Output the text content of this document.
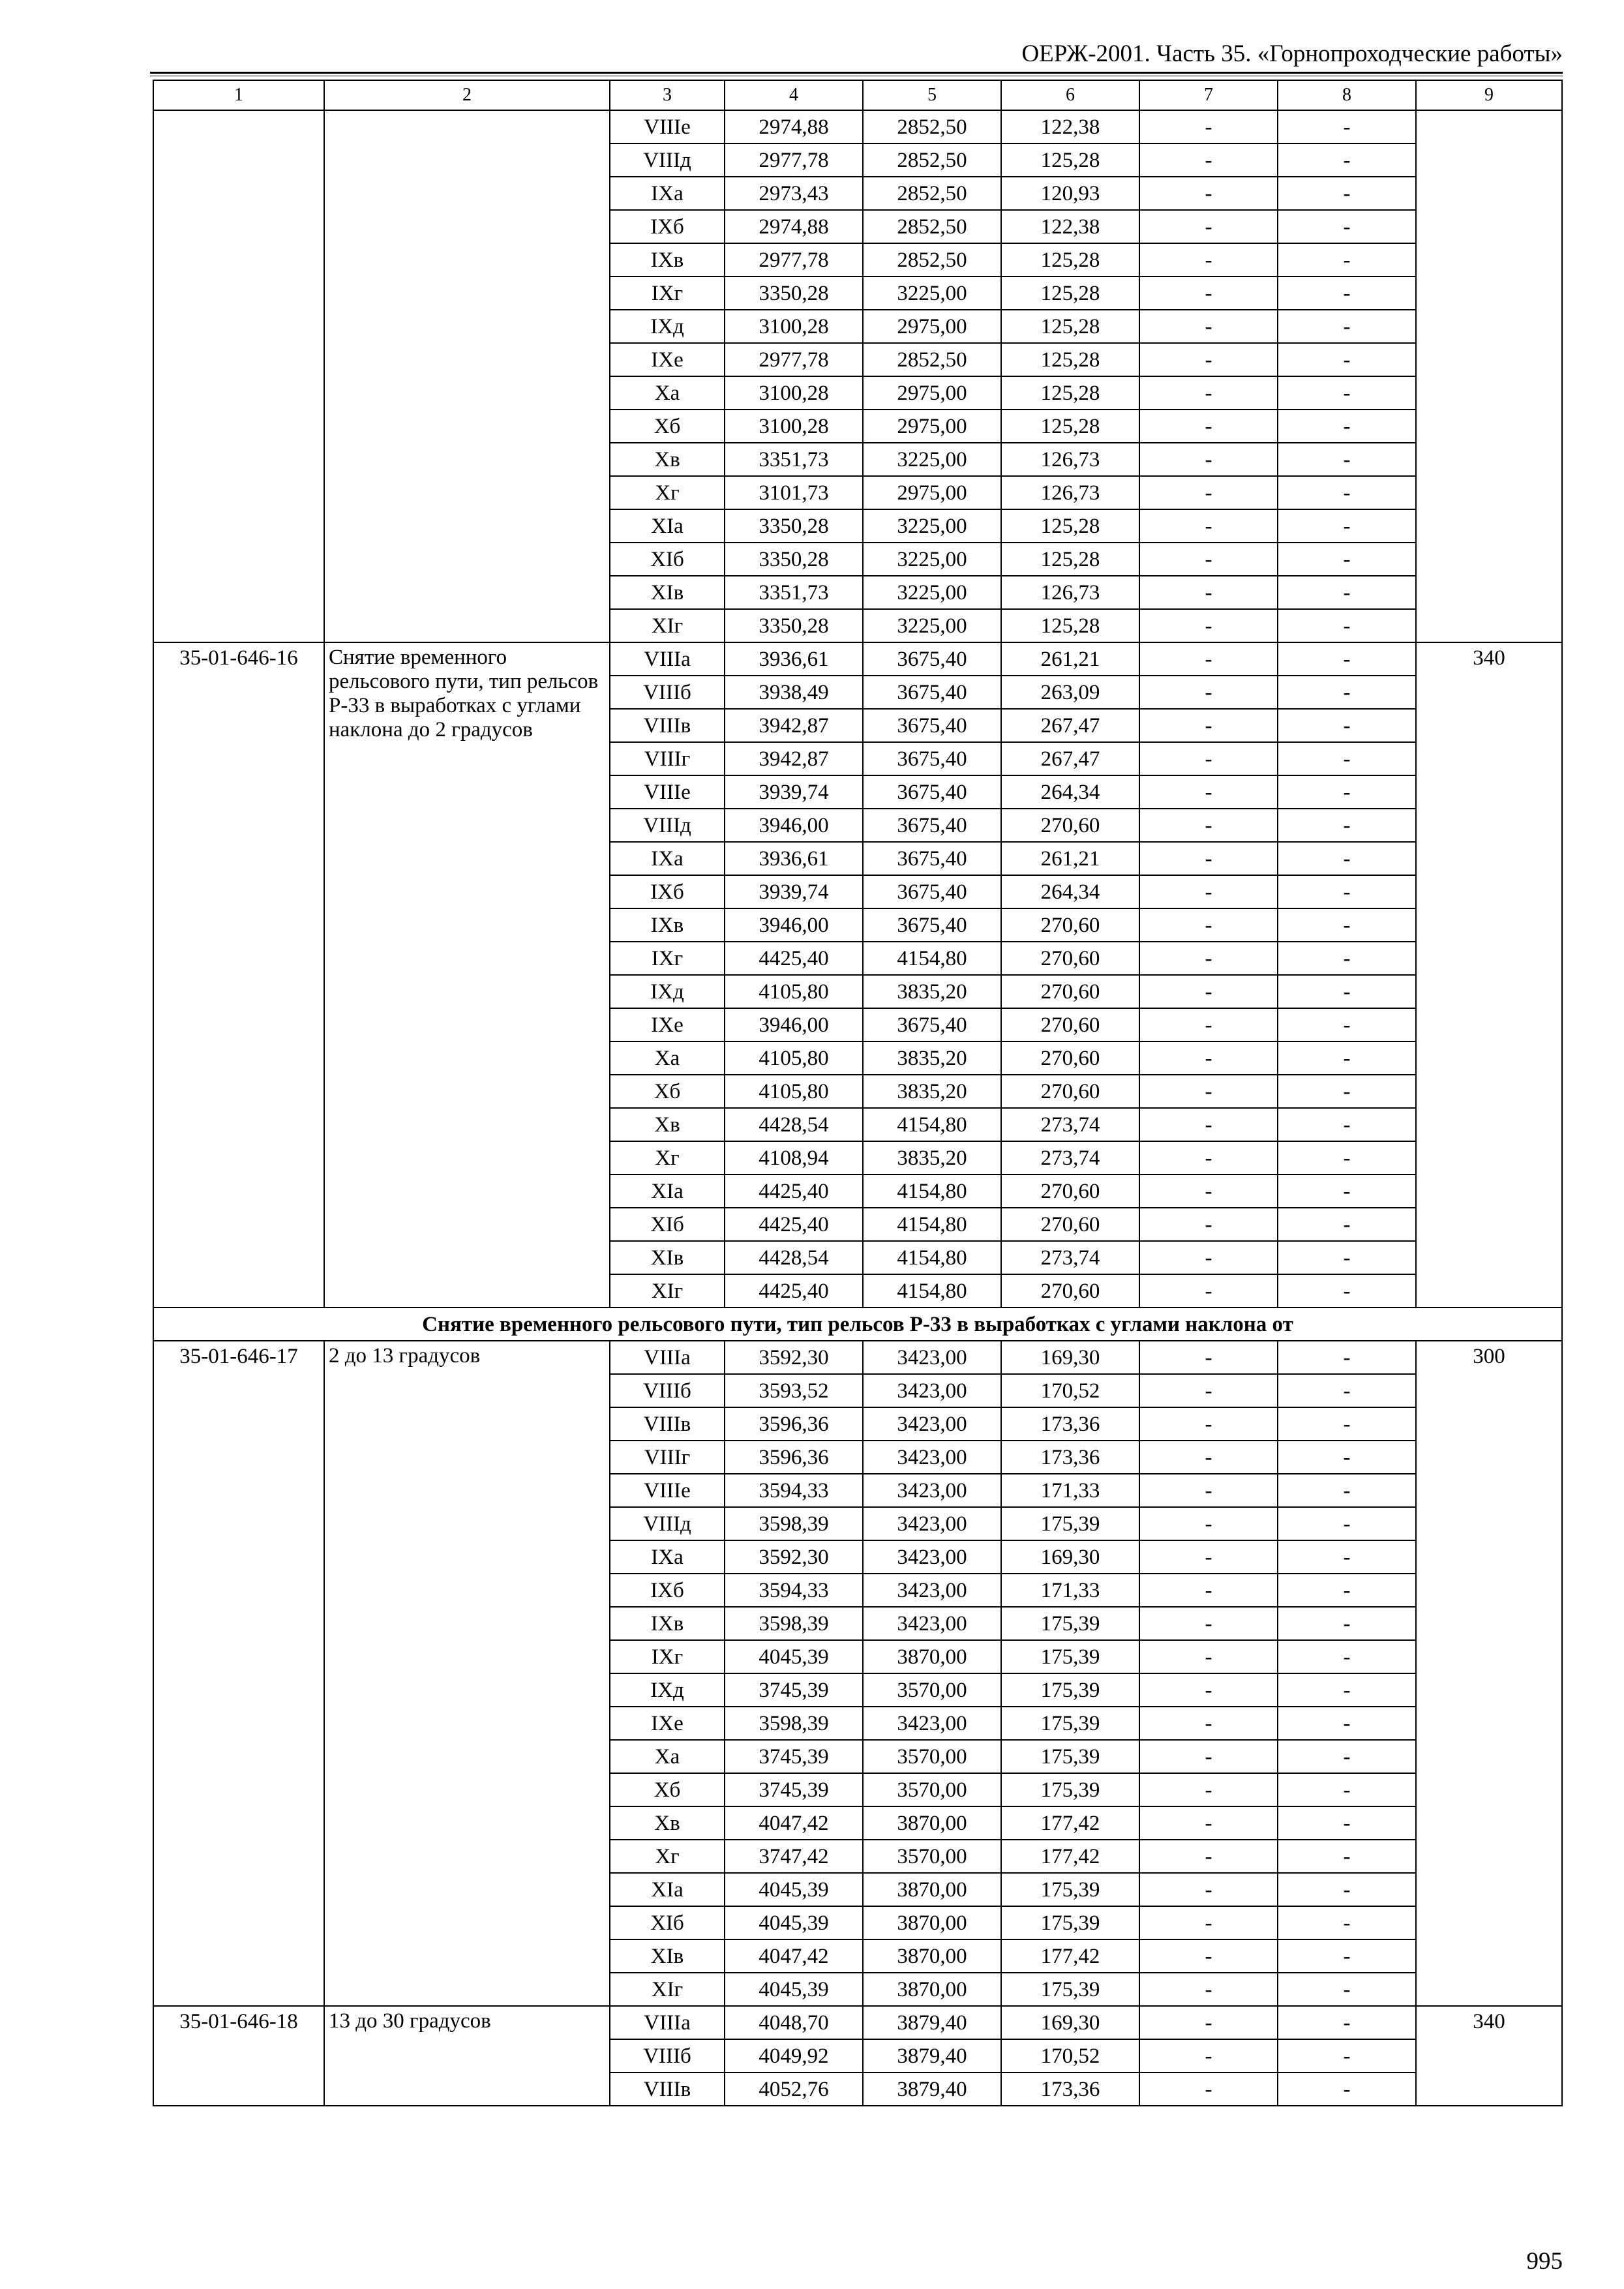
ОЕРЖ-2001. Часть 35. «Горнопроходческие работы»
1	2	3	4	5	6	7	8	9
		VIIIе	2974,88	2852,50	122,38	-	-	
		VIIIд	2977,78	2852,50	125,28	-	-	
		IXа	2973,43	2852,50	120,93	-	-	
		IXб	2974,88	2852,50	122,38	-	-	
		IXв	2977,78	2852,50	125,28	-	-	
		IXг	3350,28	3225,00	125,28	-	-	
		IXд	3100,28	2975,00	125,28	-	-	
		IXе	2977,78	2852,50	125,28	-	-	
		Xа	3100,28	2975,00	125,28	-	-	
		Xб	3100,28	2975,00	125,28	-	-	
		Xв	3351,73	3225,00	126,73	-	-	
		Xг	3101,73	2975,00	126,73	-	-	
		XIа	3350,28	3225,00	125,28	-	-	
		XIб	3350,28	3225,00	125,28	-	-	
		XIв	3351,73	3225,00	126,73	-	-	
		XIг	3350,28	3225,00	125,28	-	-	
35-01-646-16	Снятие временного рельсового пути, тип рельсов Р-33 в выработках с углами наклона до 2 градусов	VIIIа	3936,61	3675,40	261,21	-	-	340
		VIIIб	3938,49	3675,40	263,09	-	-	
		VIIIв	3942,87	3675,40	267,47	-	-	
		VIIIг	3942,87	3675,40	267,47	-	-	
		VIIIе	3939,74	3675,40	264,34	-	-	
		VIIIд	3946,00	3675,40	270,60	-	-	
		IXа	3936,61	3675,40	261,21	-	-	
		IXб	3939,74	3675,40	264,34	-	-	
		IXв	3946,00	3675,40	270,60	-	-	
		IXг	4425,40	4154,80	270,60	-	-	
		IXд	4105,80	3835,20	270,60	-	-	
		IXе	3946,00	3675,40	270,60	-	-	
		Xа	4105,80	3835,20	270,60	-	-	
		Xб	4105,80	3835,20	270,60	-	-	
		Xв	4428,54	4154,80	273,74	-	-	
		Xг	4108,94	3835,20	273,74	-	-	
		XIа	4425,40	4154,80	270,60	-	-	
		XIб	4425,40	4154,80	270,60	-	-	
		XIв	4428,54	4154,80	273,74	-	-	
		XIг	4425,40	4154,80	270,60	-	-	
Снятие временного рельсового пути, тип рельсов Р-33 в выработках с углами наклона от								
35-01-646-17	2 до 13 градусов	VIIIа	3592,30	3423,00	169,30	-	-	300
		VIIIб	3593,52	3423,00	170,52	-	-	
		VIIIв	3596,36	3423,00	173,36	-	-	
		VIIIг	3596,36	3423,00	173,36	-	-	
		VIIIе	3594,33	3423,00	171,33	-	-	
		VIIIд	3598,39	3423,00	175,39	-	-	
		IXа	3592,30	3423,00	169,30	-	-	
		IXб	3594,33	3423,00	171,33	-	-	
		IXв	3598,39	3423,00	175,39	-	-	
		IXг	4045,39	3870,00	175,39	-	-	
		IXд	3745,39	3570,00	175,39	-	-	
		IXе	3598,39	3423,00	175,39	-	-	
		Xа	3745,39	3570,00	175,39	-	-	
		Xб	3745,39	3570,00	175,39	-	-	
		Xв	4047,42	3870,00	177,42	-	-	
		Xг	3747,42	3570,00	177,42	-	-	
		XIа	4045,39	3870,00	175,39	-	-	
		XIб	4045,39	3870,00	175,39	-	-	
		XIв	4047,42	3870,00	177,42	-	-	
		XIг	4045,39	3870,00	175,39	-	-	
35-01-646-18	13 до 30 градусов	VIIIа	4048,70	3879,40	169,30	-	-	340
		VIIIб	4049,92	3879,40	170,52	-	-	
		VIIIв	4052,76	3879,40	173,36	-	-	
995
